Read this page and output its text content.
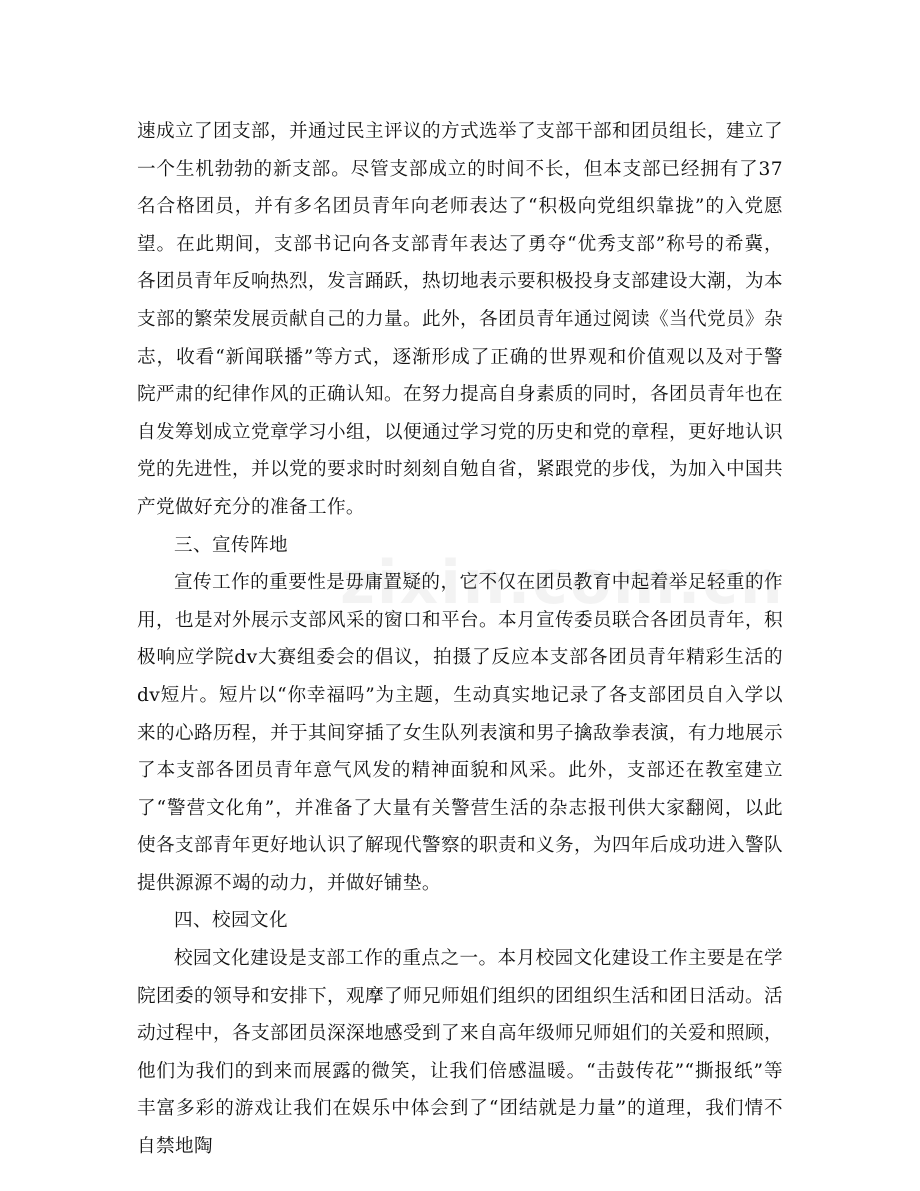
速成立了团支部，并通过民主评议的方式选举了支部干部和团员组长，建立了一个生机勃勃的新支部。尽管支部成立的时间不长，但本支部已经拥有了37名合格团员，并有多名团员青年向老师表达了“积极向党组织靠拢”的入党愿望。在此期间，支部书记向各支部青年表达了勇夺“优秀支部”称号的希冀，各团员青年反响热烈，发言踊跃，热切地表示要积极投身支部建设大潮，为本支部的繁荣发展贡献自己的力量。此外，各团员青年通过阅读《当代党员》杂志，收看“新闻联播”等方式，逐渐形成了正确的世界观和价值观以及对于警院严肃的纪律作风的正确认知。在努力提高自身素质的同时，各团员青年也在自发筹划成立党章学习小组，以便通过学习党的历史和党的章程，更好地认识党的先进性，并以党的要求时时刻刻自勉自省，紧跟党的步伐，为加入中国共产党做好充分的准备工作。

三、宣传阵地

宣传工作的重要性是毋庸置疑的，它不仅在团员教育中起着举足轻重的作用，也是对外展示支部风采的窗口和平台。本月宣传委员联合各团员青年，积极响应学院dv大赛组委会的倡议，拍摄了反应本支部各团员青年精彩生活的dv短片。短片以“你幸福吗”为主题，生动真实地记录了各支部团员自入学以来的心路历程，并于其间穿插了女生队列表演和男子擒敌拳表演，有力地展示了本支部各团员青年意气风发的精神面貌和风采。此外，支部还在教室建立了“警营文化角”，并准备了大量有关警营生活的杂志报刊供大家翻阅，以此使各支部青年更好地认识了解现代警察的职责和义务，为四年后成功进入警队提供源源不竭的动力，并做好铺垫。

四、校园文化

校园文化建设是支部工作的重点之一。本月校园文化建设工作主要是在学院团委的领导和安排下，观摩了师兄师姐们组织的团组织生活和团日活动。活动过程中，各支部团员深深地感受到了来自高年级师兄师姐们的关爱和照顾，他们为我们的到来而展露的微笑，让我们倍感温暖。“击鼓传花”“撕报纸”等丰富多彩的游戏让我们在娱乐中体会到了“团结就是力量”的道理，我们情不自禁地陶
